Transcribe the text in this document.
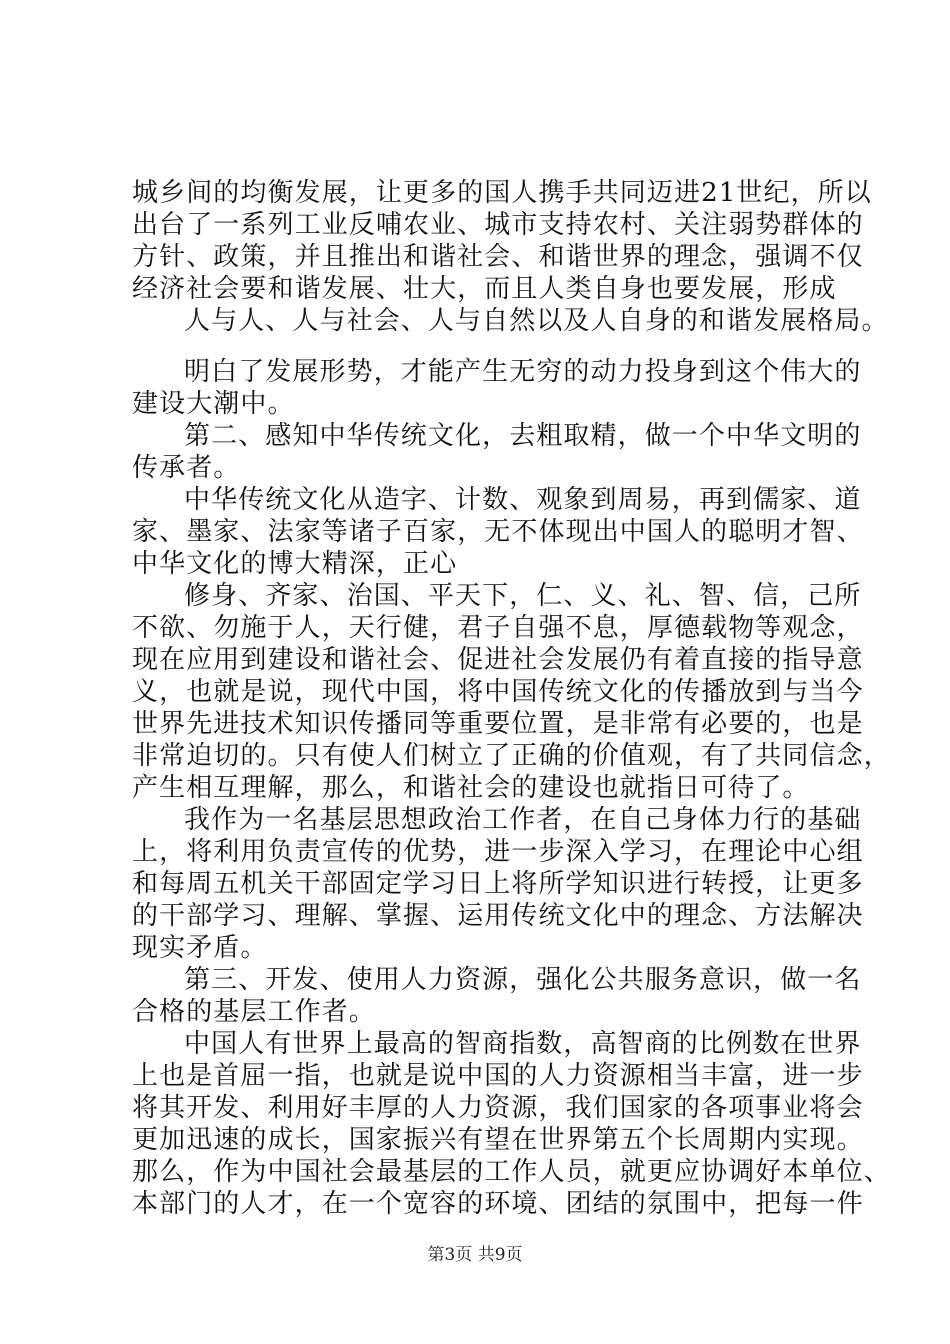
城乡间的均衡发展，让更多的国人携手共同迈进21世纪，所以
出台了一系列工业反哺农业、城市支持农村、关注弱势群体的
方针、政策，并且推出和谐社会、和谐世界的理念，强调不仅
经济社会要和谐发展、壮大，而且人类自身也要发展，形成
人与人、人与社会、人与自然以及人自身的和谐发展格局。
明白了发展形势，才能产生无穷的动力投身到这个伟大的
建设大潮中。
第二、感知中华传统文化，去粗取精，做一个中华文明的
传承者。
中华传统文化从造字、计数、观象到周易，再到儒家、道
家、墨家、法家等诸子百家，无不体现出中国人的聪明才智、
中华文化的博大精深，正心
修身、齐家、治国、平天下，仁、义、礼、智、信，己所
不欲、勿施于人，天行健，君子自强不息，厚德载物等观念，
现在应用到建设和谐社会、促进社会发展仍有着直接的指导意
义，也就是说，现代中国，将中国传统文化的传播放到与当今
世界先进技术知识传播同等重要位置，是非常有必要的，也是
非常迫切的。只有使人们树立了正确的价值观，有了共同信念，
产生相互理解，那么，和谐社会的建设也就指日可待了。
我作为一名基层思想政治工作者，在自己身体力行的基础
上，将利用负责宣传的优势，进一步深入学习，在理论中心组
和每周五机关干部固定学习日上将所学知识进行转授，让更多
的干部学习、理解、掌握、运用传统文化中的理念、方法解决
现实矛盾。
第三、开发、使用人力资源，强化公共服务意识，做一名
合格的基层工作者。
中国人有世界上最高的智商指数，高智商的比例数在世界
上也是首屈一指，也就是说中国的人力资源相当丰富，进一步
将其开发、利用好丰厚的人力资源，我们国家的各项事业将会
更加迅速的成长，国家振兴有望在世界第五个长周期内实现。
那么，作为中国社会最基层的工作人员，就更应协调好本单位、
本部门的人才，在一个宽容的环境、团结的氛围中，把每一件
第3页 共9页
